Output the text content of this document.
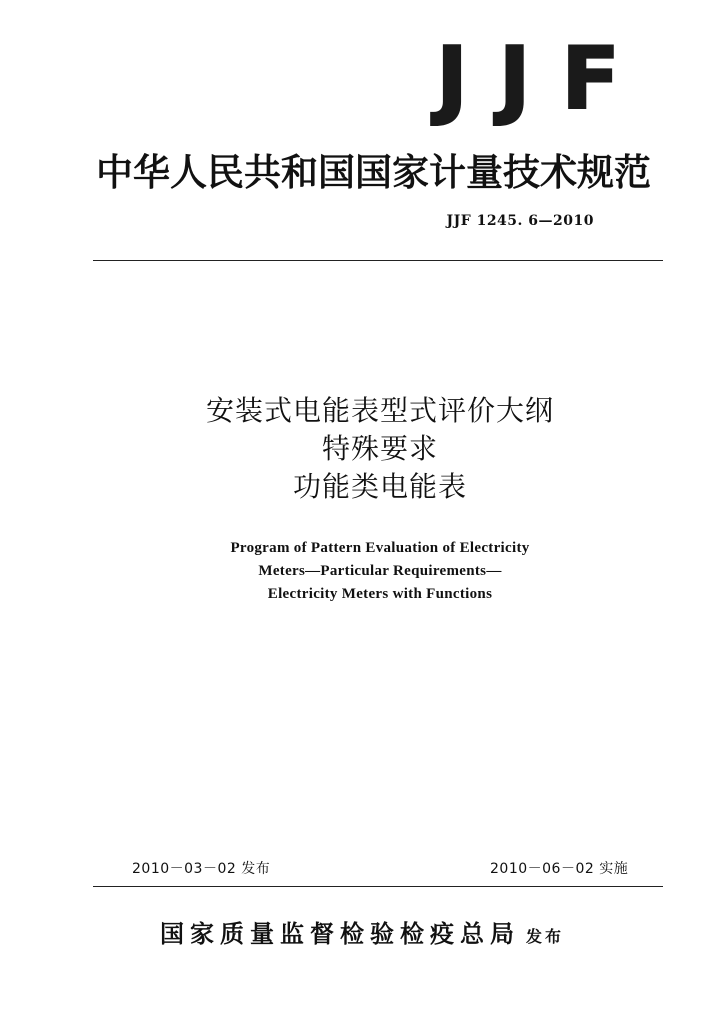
J J F
中华人民共和国国家计量技术规范
JJF 1245. 6—2010
安装式电能表型式评价大纲
特殊要求
功能类电能表
Program of Pattern Evaluation of Electricity
Meters—Particular Requirements—
Electricity Meters with Functions
2010－03－02 发布	2010－06－02 实施
国家质量监督检验检疫总局 发布
